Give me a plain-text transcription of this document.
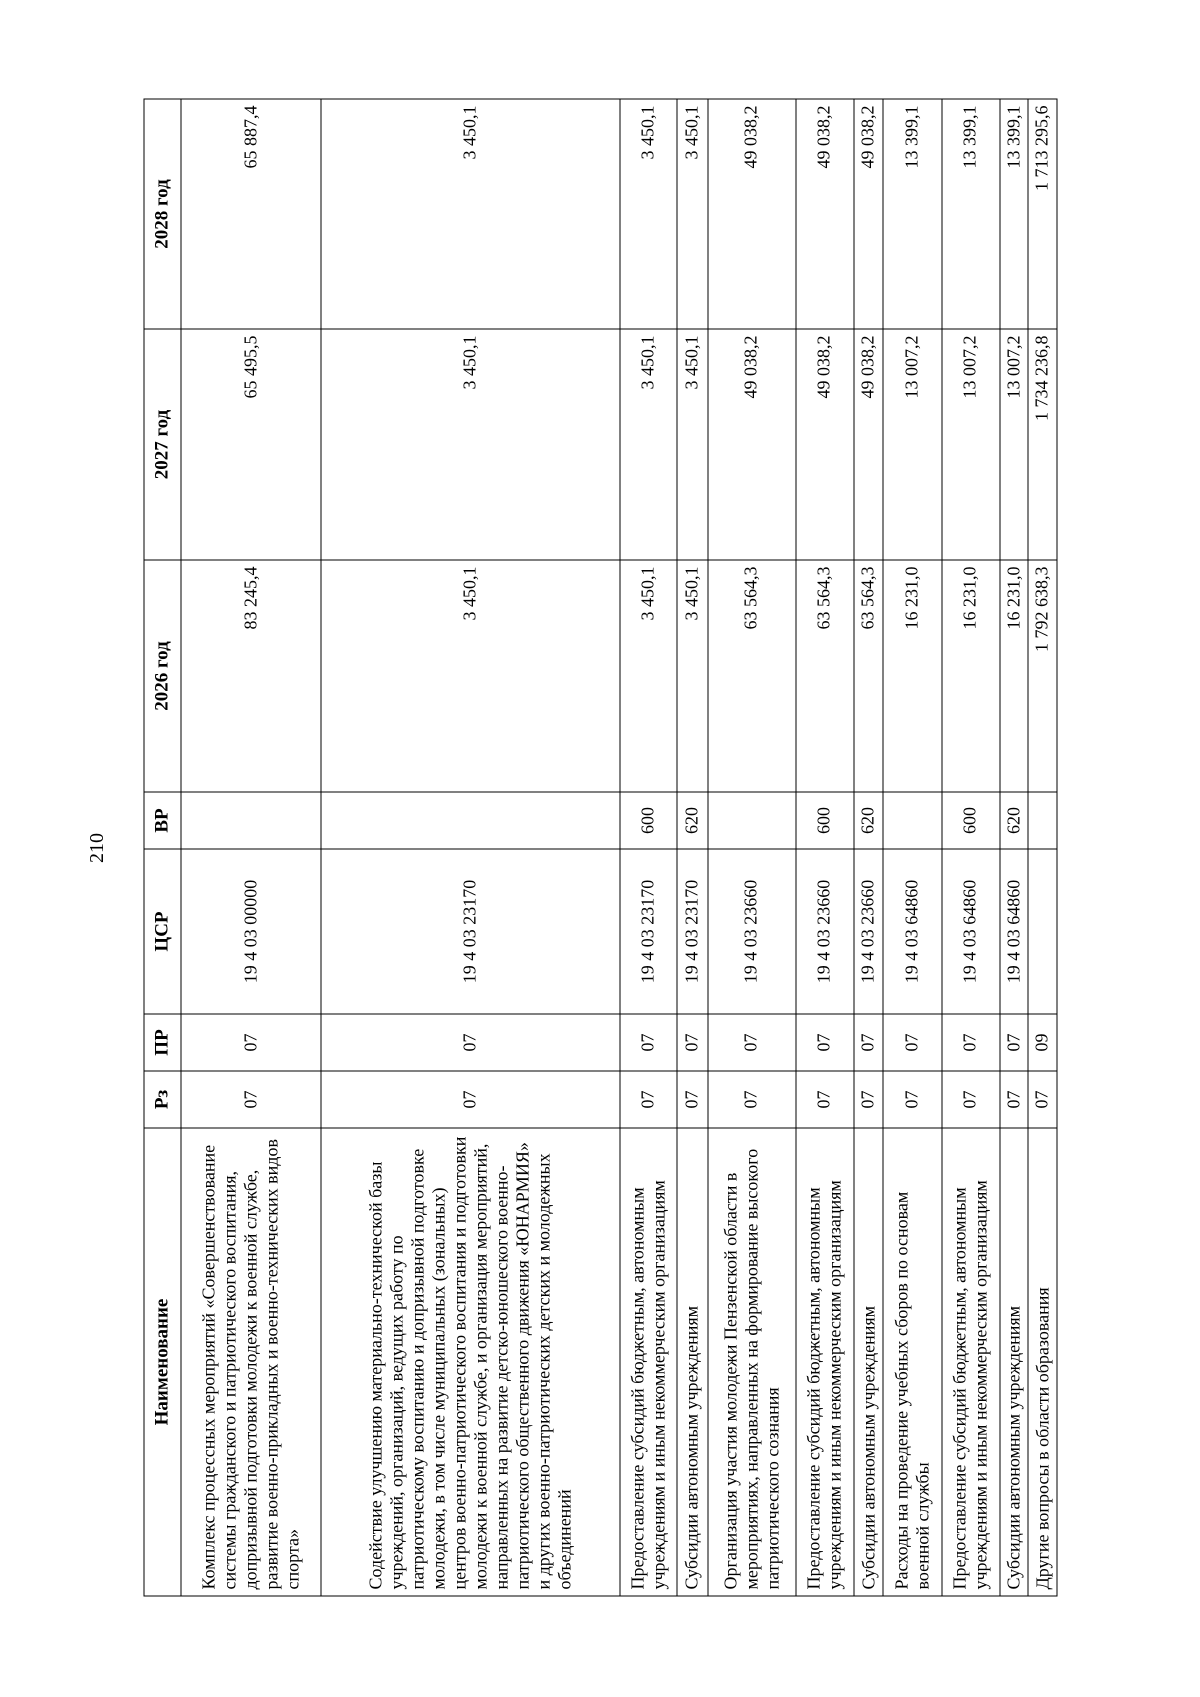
210
Наименование	Рз	ПР	ЦСР	ВР	2026 год	2027 год	2028 год
Комплекс процессных мероприятий «Совершенствование системы гражданского и патриотического воспитания, допризывной подготовки молодежи к военной службе, развитие военно-прикладных и военно-технических видов спорта»	07	07	19 4 03 00000		83 245,4	65 495,5	65 887,4
Содействие улучшению материально-технической базы учреждений, организаций, ведущих работу по патриотическому воспитанию и допризывной подготовке молодежи, в том числе муниципальных (зональных) центров военно-патриотического воспитания и подготовки молодежи к военной службе, и организация мероприятий, направленных на развитие детско-юношеского военно-патриотического общественного движения «ЮНАРМИЯ» и других военно-патриотических детских и молодежных объединений	07	07	19 4 03 23170		3 450,1	3 450,1	3 450,1
Предоставление субсидий бюджетным, автономным учреждениям и иным некоммерческим организациям	07	07	19 4 03 23170	600	3 450,1	3 450,1	3 450,1
Субсидии автономным учреждениям	07	07	19 4 03 23170	620	3 450,1	3 450,1	3 450,1
Организация участия молодежи Пензенской области в мероприятиях, направленных на формирование высокого патриотического сознания	07	07	19 4 03 23660		63 564,3	49 038,2	49 038,2
Предоставление субсидий бюджетным, автономным учреждениям и иным некоммерческим организациям	07	07	19 4 03 23660	600	63 564,3	49 038,2	49 038,2
Субсидии автономным учреждениям	07	07	19 4 03 23660	620	63 564,3	49 038,2	49 038,2
Расходы на проведение учебных сборов по основам военной службы	07	07	19 4 03 64860		16 231,0	13 007,2	13 399,1
Предоставление субсидий бюджетным, автономным учреждениям и иным некоммерческим организациям	07	07	19 4 03 64860	600	16 231,0	13 007,2	13 399,1
Субсидии автономным учреждениям	07	07	19 4 03 64860	620	16 231,0	13 007,2	13 399,1
Другие вопросы в области образования	07	09			1 792 638,3	1 734 236,8	1 713 295,6
